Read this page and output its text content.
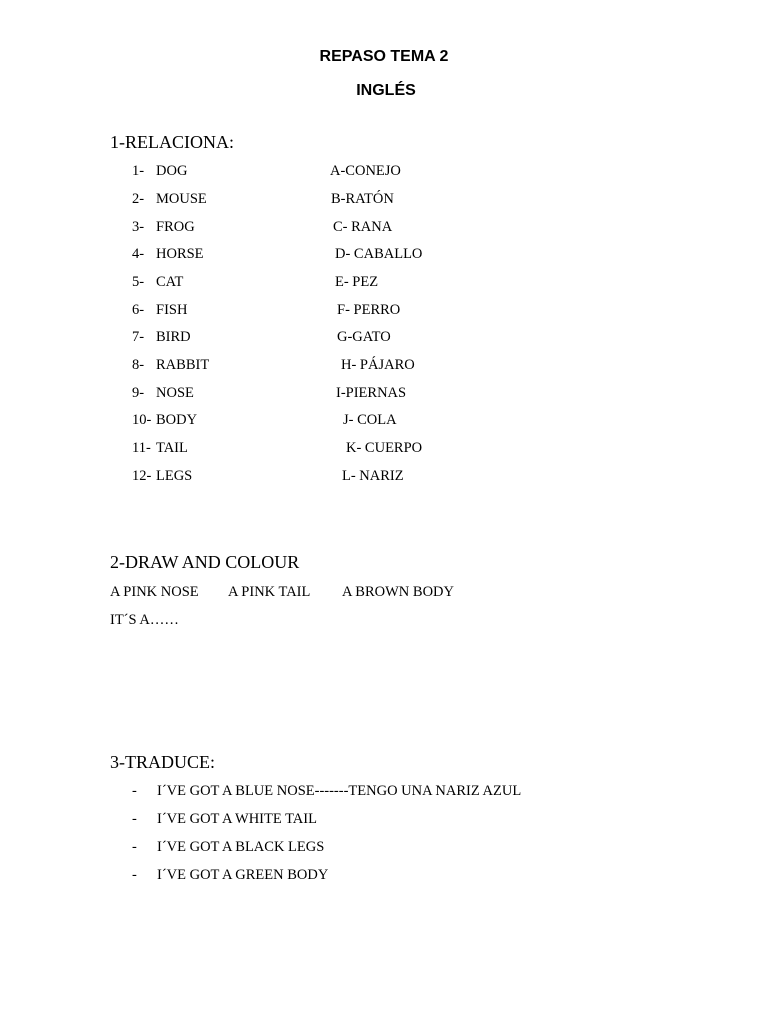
REPASO TEMA 2
INGLÉS
1-RELACIONA:
1- DOG	A-CONEJO
2- MOUSE	B-RATÓN
3- FROG	C- RANA
4- HORSE	D- CABALLO
5- CAT	E- PEZ
6- FISH	F- PERRO
7- BIRD	G-GATO
8- RABBIT	H- PÁJARO
9- NOSE	I-PIERNAS
10- BODY	J- COLA
11- TAIL	K- CUERPO
12- LEGS	L- NARIZ
2-DRAW AND COLOUR
A PINK NOSE A PINK TAIL A BROWN BODY
IT´S A……
3-TRADUCE:
- I´VE GOT A BLUE NOSE-------TENGO UNA NARIZ AZUL
- I´VE GOT A WHITE TAIL
- I´VE GOT A BLACK LEGS
- I´VE GOT A GREEN BODY
